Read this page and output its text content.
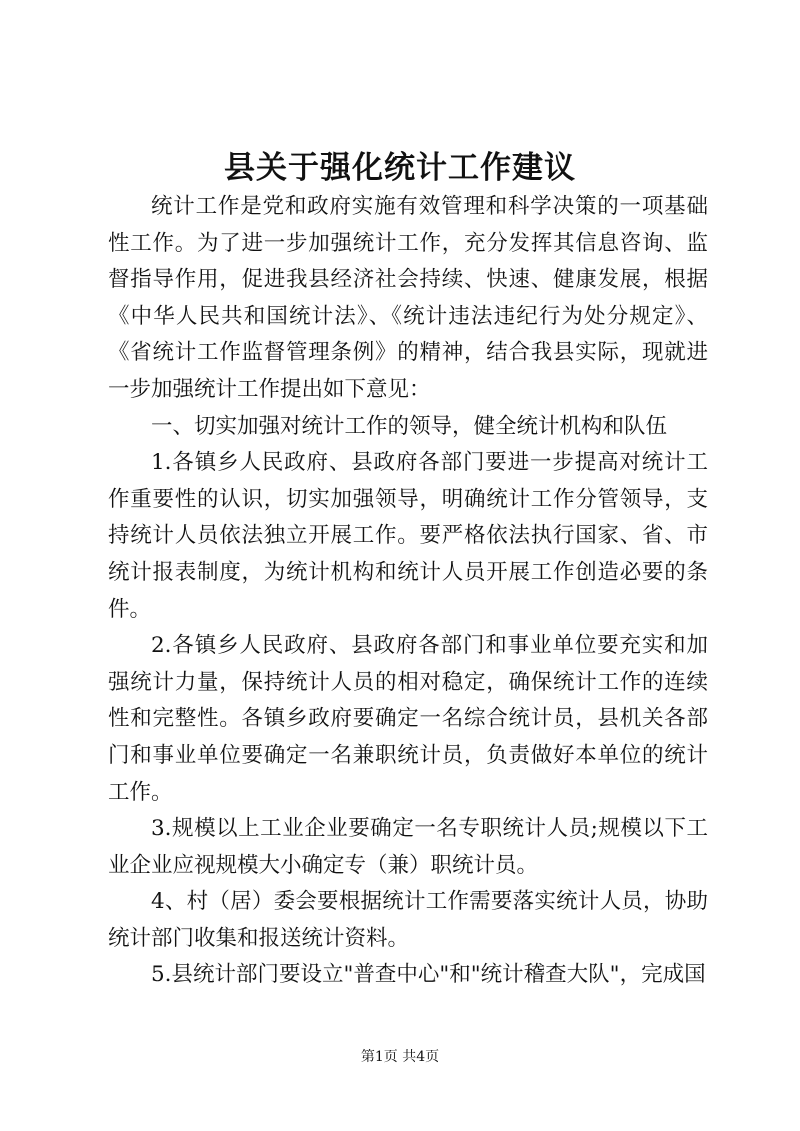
县关于强化统计工作建议

统计工作是党和政府实施有效管理和科学决策的一项基础性工作。为了进一步加强统计工作，充分发挥其信息咨询、监督指导作用，促进我县经济社会持续、快速、健康发展，根据《中华人民共和国统计法》、《统计违法违纪行为处分规定》、《省统计工作监督管理条例》的精神，结合我县实际，现就进一步加强统计工作提出如下意见：

一、切实加强对统计工作的领导，健全统计机构和队伍

1.各镇乡人民政府、县政府各部门要进一步提高对统计工作重要性的认识，切实加强领导，明确统计工作分管领导，支持统计人员依法独立开展工作。要严格依法执行国家、省、市统计报表制度，为统计机构和统计人员开展工作创造必要的条件。

2.各镇乡人民政府、县政府各部门和事业单位要充实和加强统计力量，保持统计人员的相对稳定，确保统计工作的连续性和完整性。各镇乡政府要确定一名综合统计员，县机关各部门和事业单位要确定一名兼职统计员，负责做好本单位的统计工作。

3.规模以上工业企业要确定一名专职统计人员;规模以下工业企业应视规模大小确定专（兼）职统计员。

4、村（居）委会要根据统计工作需要落实统计人员，协助统计部门收集和报送统计资料。

5.县统计部门要设立"普查中心"和"统计稽查大队"，完成国

第1页 共4页
